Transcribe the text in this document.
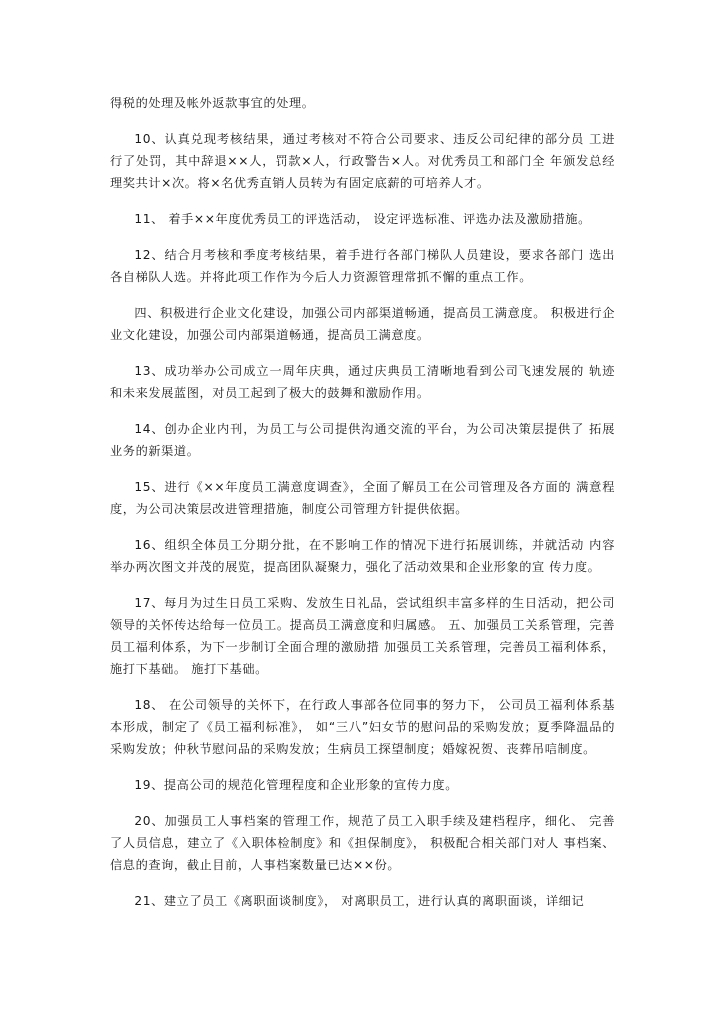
得税的处理及帐外返款事宜的处理。

10、认真兑现考核结果，通过考核对不符合公司要求、违反公司纪律的部分员 工进行了处罚，其中辞退××人，罚款×人，行政警告×人。对优秀员工和部门全 年颁发总经理奖共计×次。将×名优秀直销人员转为有固定底薪的可培养人才。

11、 着手××年度优秀员工的评选活动， 设定评选标准、评选办法及激励措施。

12、结合月考核和季度考核结果，着手进行各部门梯队人员建设，要求各部门 选出各自梯队人选。并将此项工作作为今后人力资源管理常抓不懈的重点工作。

四、积极进行企业文化建设，加强公司内部渠道畅通，提高员工满意度。 积极进行企业文化建设，加强公司内部渠道畅通，提高员工满意度。

13、成功举办公司成立一周年庆典，通过庆典员工清晰地看到公司飞速发展的 轨迹和未来发展蓝图，对员工起到了极大的鼓舞和激励作用。

14、创办企业内刊，为员工与公司提供沟通交流的平台，为公司决策层提供了 拓展业务的新渠道。

15、进行《××年度员工满意度调查》，全面了解员工在公司管理及各方面的 满意程度，为公司决策层改进管理措施，制度公司管理方针提供依据。

16、组织全体员工分期分批，在不影响工作的情况下进行拓展训练，并就活动 内容举办两次图文并茂的展览，提高团队凝聚力，强化了活动效果和企业形象的宣 传力度。

17、每月为过生日员工采购、发放生日礼品，尝试组织丰富多样的生日活动，把公司领导的关怀传达给每一位员工。提高员工满意度和归属感。 五、加强员工关系管理，完善员工福利体系，为下一步制订全面合理的激励措 加强员工关系管理，完善员工福利体系， 施打下基础。 施打下基础。

18、 在公司领导的关怀下，在行政人事部各位同事的努力下， 公司员工福利体系基本形成，制定了《员工福利标准》， 如“三八”妇女节的慰问品的采购发放；夏季降温品的采购发放；仲秋节慰问品的采购发放；生病员工探望制度；婚嫁祝贺、丧葬吊唁制度。

19、提高公司的规范化管理程度和企业形象的宣传力度。

20、加强员工人事档案的管理工作，规范了员工入职手续及建档程序，细化、 完善了人员信息，建立了《入职体检制度》和《担保制度》， 积极配合相关部门对人 事档案、信息的查询，截止目前，人事档案数量已达××份。

21、建立了员工《离职面谈制度》， 对离职员工，进行认真的离职面谈，详细记
